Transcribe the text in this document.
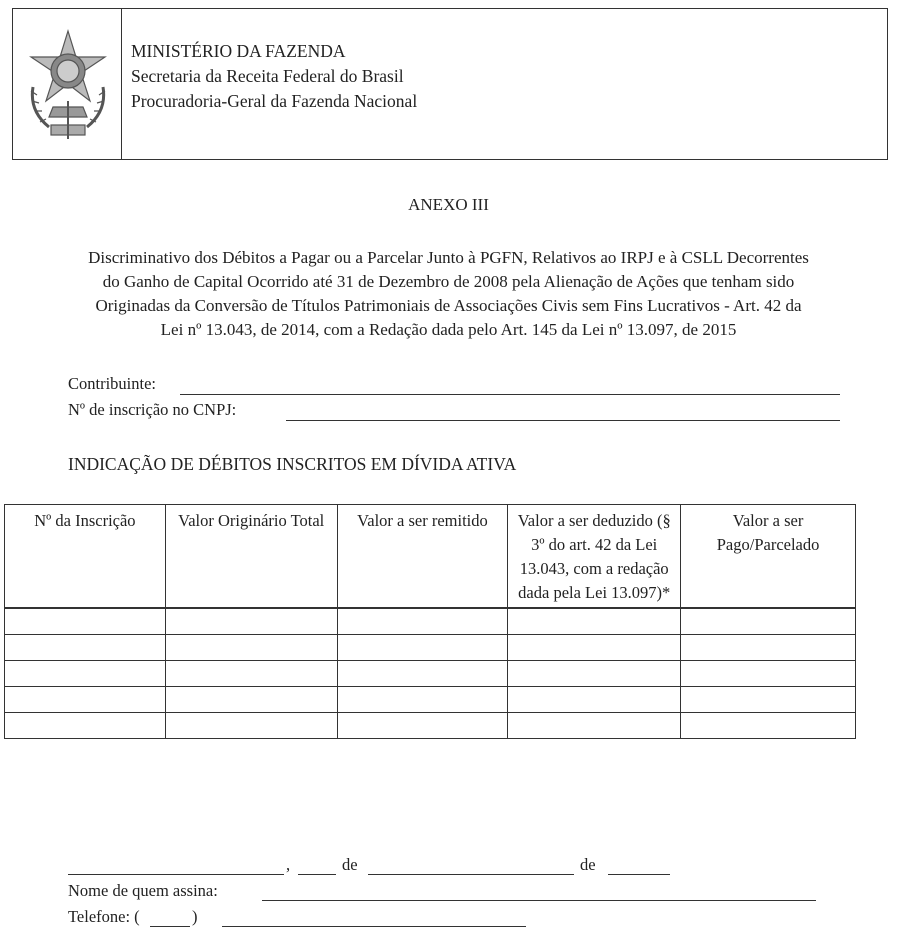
MINISTÉRIO DA FAZENDA
Secretaria da Receita Federal do Brasil
Procuradoria-Geral da Fazenda Nacional
ANEXO III
Discriminativo dos Débitos a Pagar ou a Parcelar Junto à PGFN, Relativos ao IRPJ e à CSLL Decorrentes
do Ganho de Capital Ocorrido até 31 de Dezembro de 2008 pela Alienação de Ações que tenham sido
Originadas da Conversão de Títulos Patrimoniais de Associações Civis sem Fins Lucrativos - Art. 42 da
Lei nº 13.043, de 2014, com a Redação dada pelo Art. 145 da Lei nº 13.097, de 2015
Contribuinte:
Nº de inscrição no CNPJ:
INDICAÇÃO DE DÉBITOS INSCRITOS EM DÍVIDA ATIVA
Nº da Inscrição	Valor Originário Total	Valor a ser remitido	Valor a ser deduzido (§ 3º do art. 42 da Lei 13.043, com a redação dada pela Lei 13.097)*	Valor a ser Pago/Parcelado

,	de	de
Nome de quem assina:
Telefone: (	)
